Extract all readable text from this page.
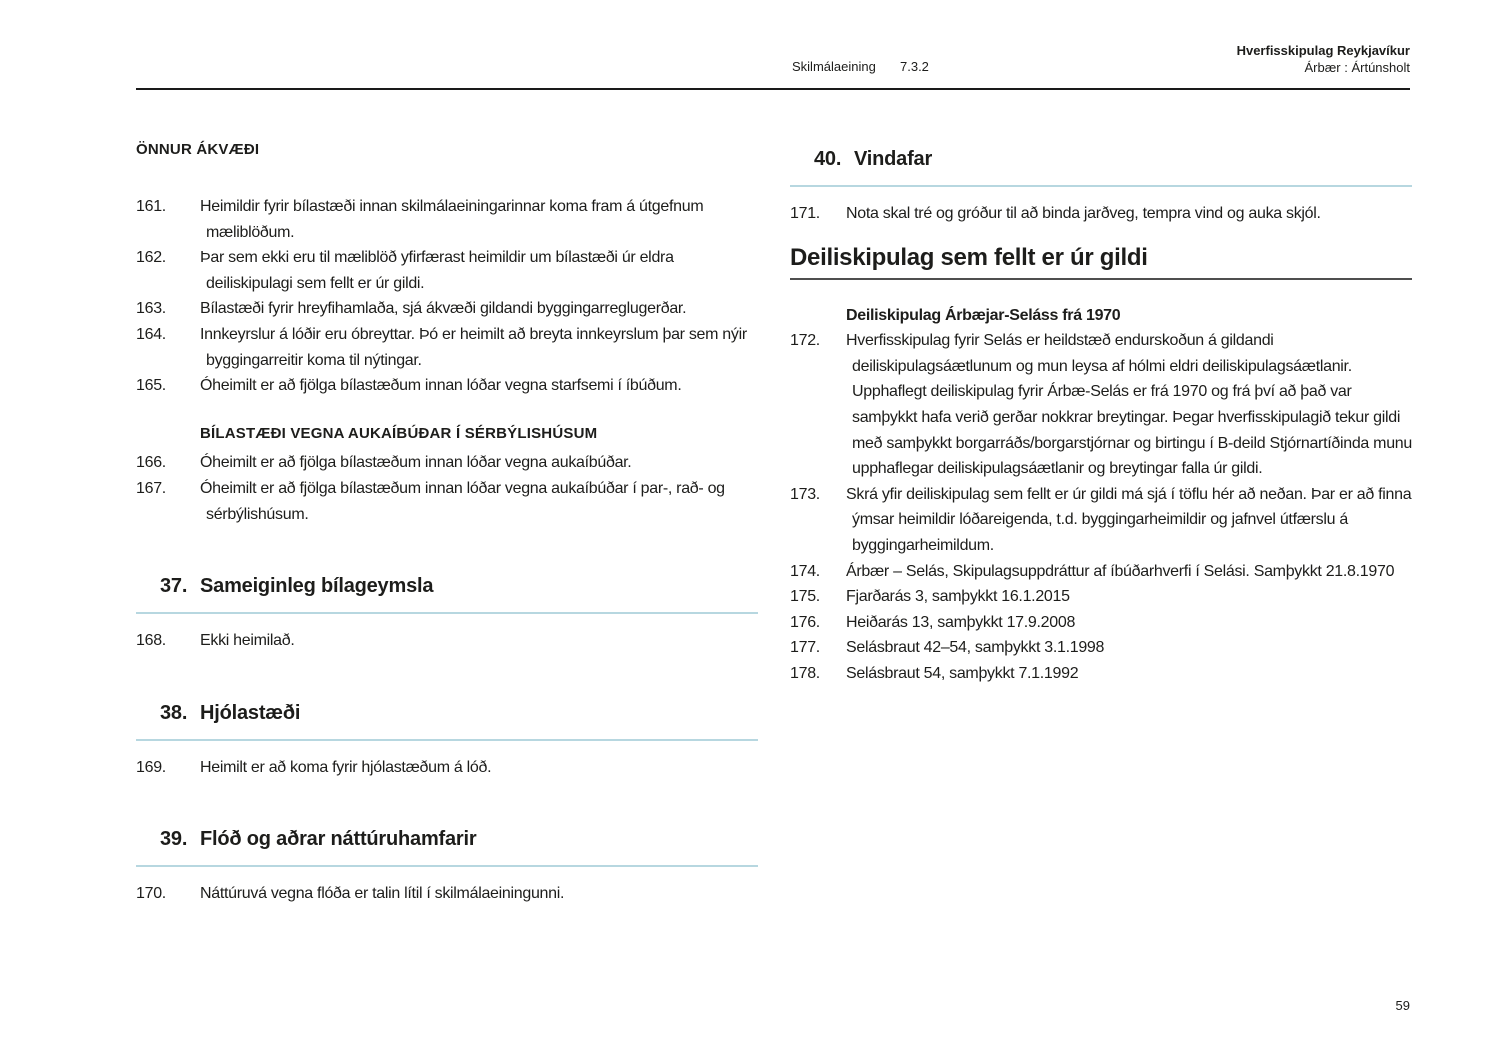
Skilmálaeining 7.3.2
Hverfisskipulag Reykjavíkur
Árbær : Ártúnsholt
ÖNNUR ÁKVÆÐI
161.	Heimildir fyrir bílastæði innan skilmálaeiningarinnar koma fram á útgefnum mæliblöðum.
162.	Þar sem ekki eru til mæliblöð yfirfærast heimildir um bílastæði úr eldra deiliskipulagi sem fellt er úr gildi.
163.	Bílastæði fyrir hreyfihamlaða, sjá ákvæði gildandi byggingarreglugerðar.
164.	Innkeyrslur á lóðir eru óbreyttar. Þó er heimilt að breyta innkeyrslum þar sem nýir byggingarreitir koma til nýtingar.
165.	Óheimilt er að fjölga bílastæðum innan lóðar vegna starfsemi í íbúðum.
BÍLASTÆÐI VEGNA AUKAÍBÚÐAR Í SÉRBÝLISHÚSUM
166.	Óheimilt er að fjölga bílastæðum innan lóðar vegna aukaíbúðar.
167.	Óheimilt er að fjölga bílastæðum innan lóðar vegna aukaíbúðar í par-, rað- og sérbýlishúsum.
37. Sameiginleg bílageymsla
168.	Ekki heimilað.
38. Hjólastæði
169.	Heimilt er að koma fyrir hjólastæðum á lóð.
39. Flóð og aðrar náttúruhamfarir
170.	Náttúruvá vegna flóða er talin lítil í skilmálaeiningunni.
40. Vindafar
171.	Nota skal tré og gróður til að binda jarðveg, tempra vind og auka skjól.
Deiliskipulag sem fellt er úr gildi
Deiliskipulag Árbæjar-Seláss frá 1970
172.	Hverfisskipulag fyrir Selás er heildstæð endurskoðun á gildandi deiliskipulagsáætlunum og mun leysa af hólmi eldri deiliskipulagsáætlanir. Upphaflegt deiliskipulag fyrir Árbæ-Selás er frá 1970 og frá því að það var samþykkt hafa verið gerðar nokkrar breytingar. Þegar hverfisskipulagið tekur gildi með samþykkt borgarráðs/borgarstjórnar og birtingu í B-deild Stjórnartíðinda munu upphaflegar deiliskipulagsáætlanir og breytingar falla úr gildi.
173.	Skrá yfir deiliskipulag sem fellt er úr gildi má sjá í töflu hér að neðan. Þar er að finna ýmsar heimildir lóðareigenda, t.d. byggingarheimildir og jafnvel útfærslu á byggingarheimildum.
174.	Árbær – Selás, Skipulagsuppdráttur af íbúðarhverfi í Selási. Samþykkt 21.8.1970
175.	Fjarðarás 3, samþykkt 16.1.2015
176.	Heiðarás 13, samþykkt 17.9.2008
177.	Selásbraut 42–54, samþykkt 3.1.1998
178.	Selásbraut 54, samþykkt 7.1.1992
59
